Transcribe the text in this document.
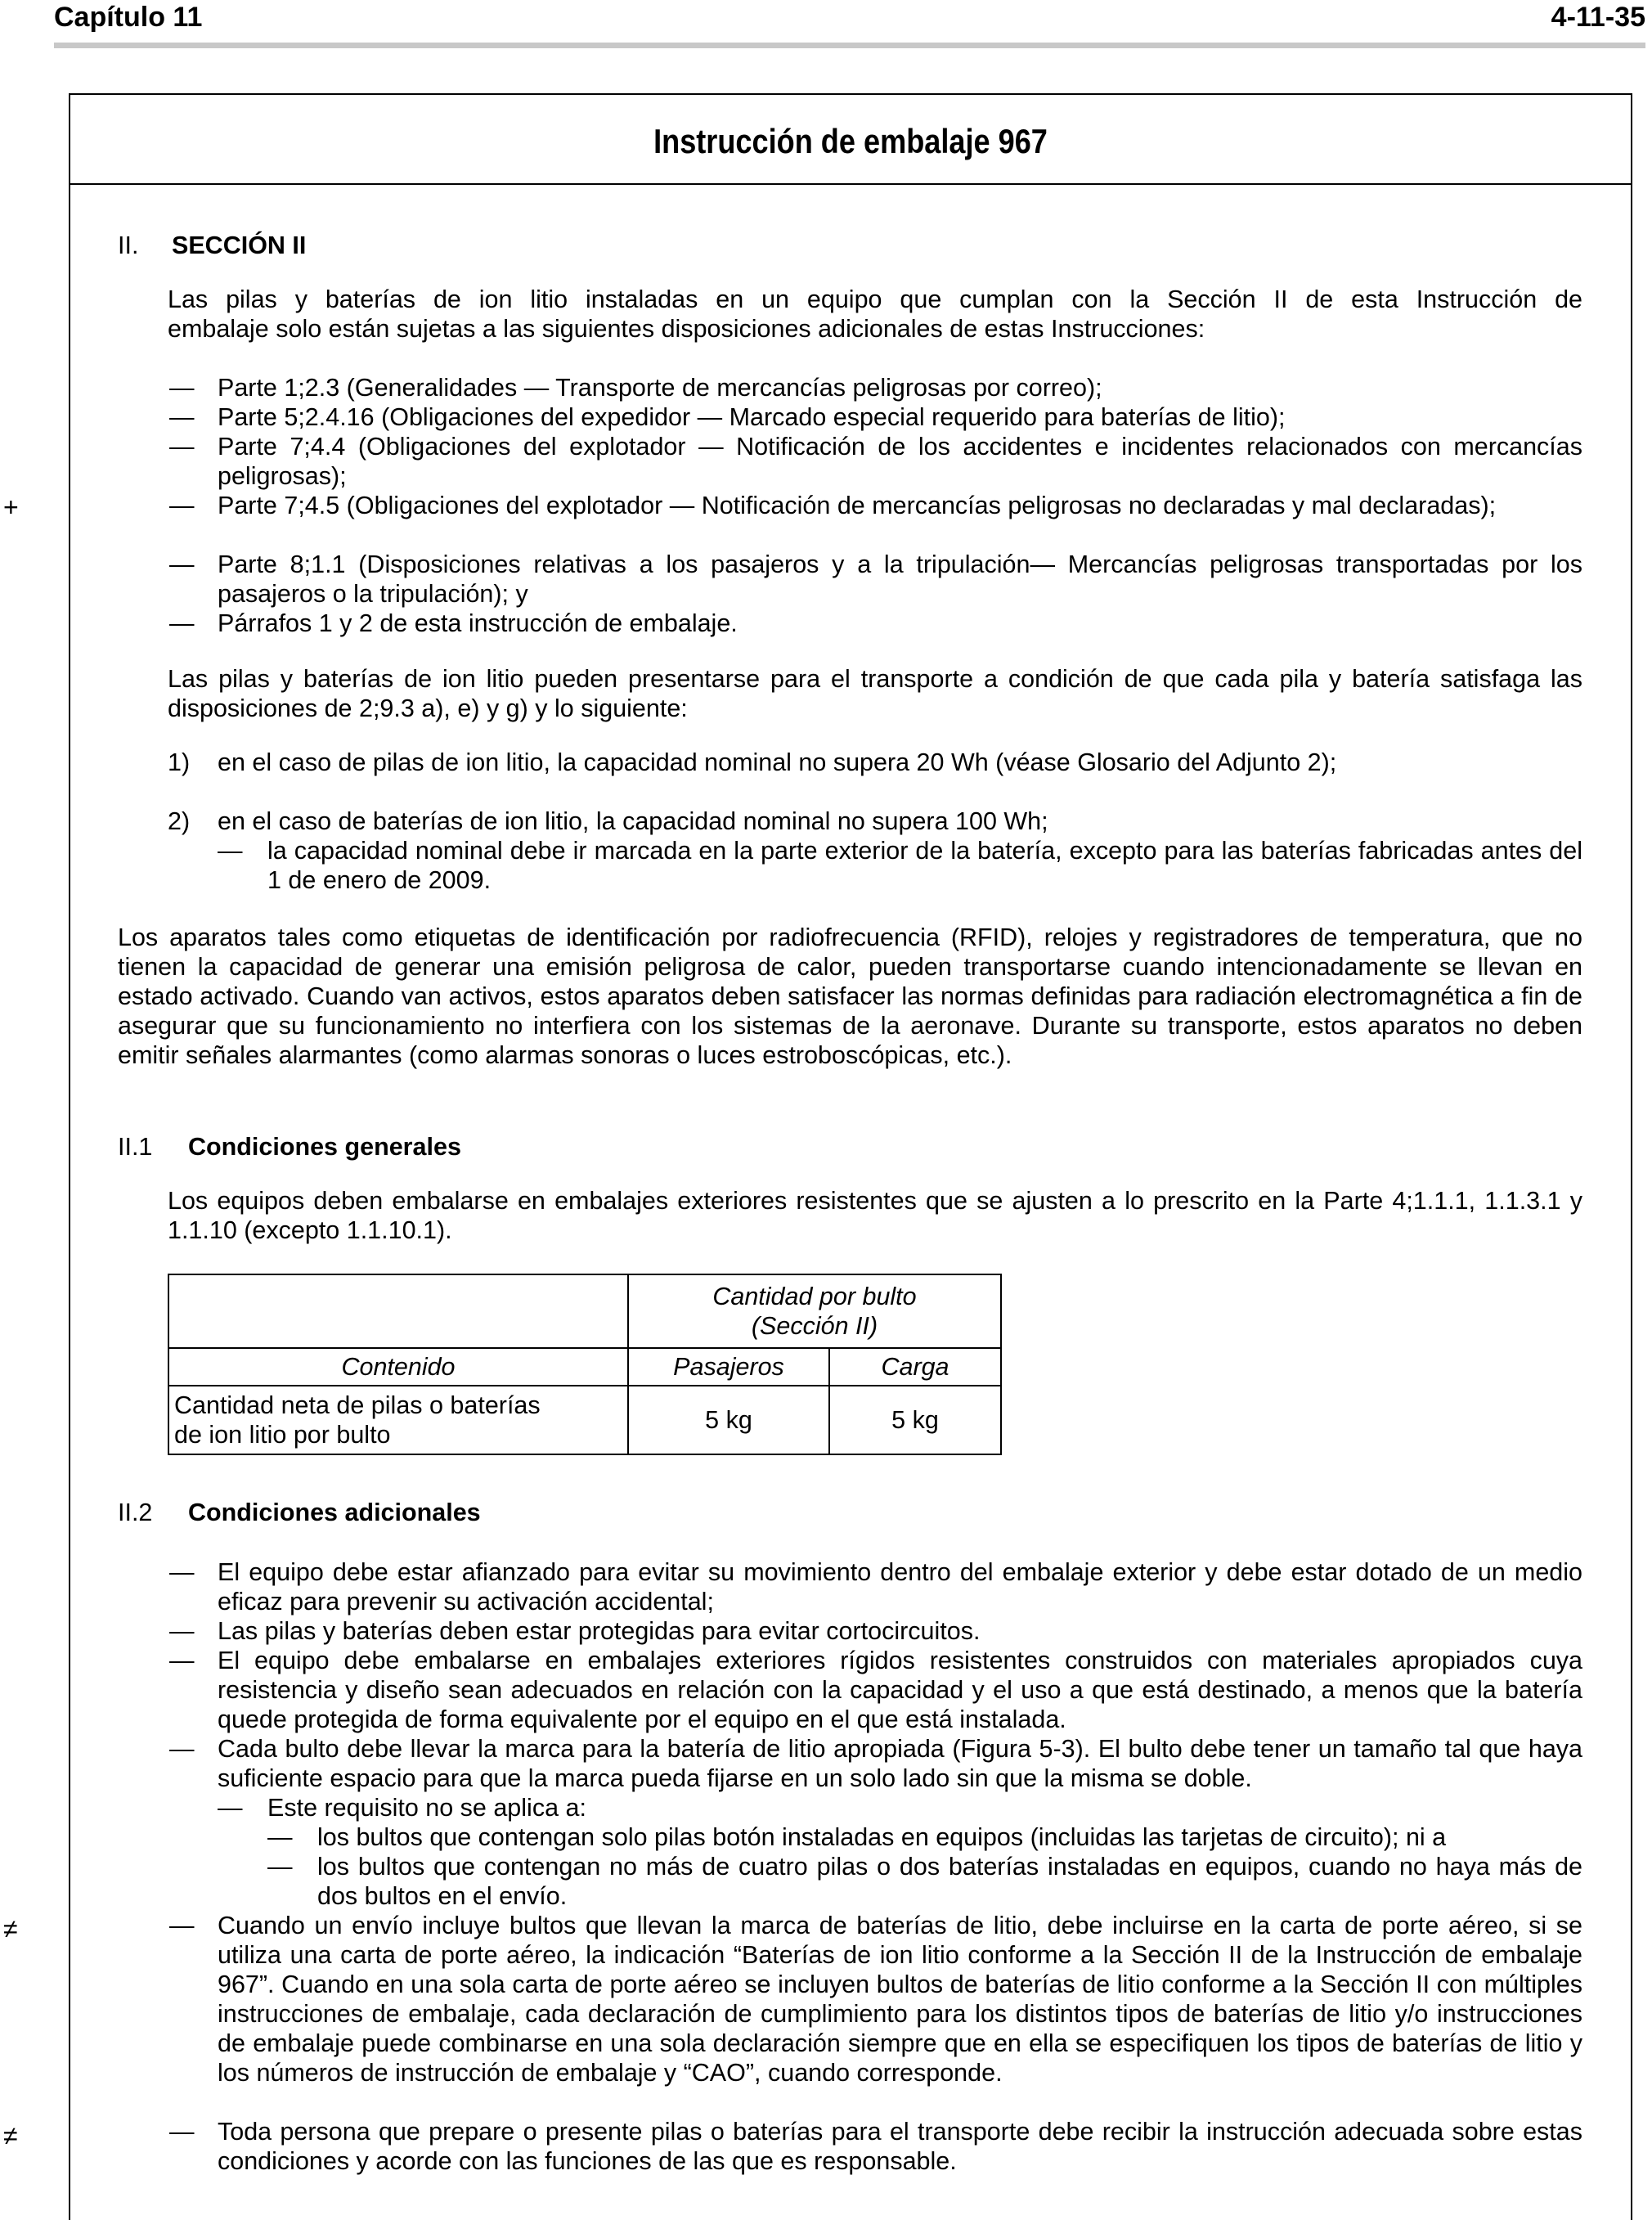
Capítulo 11	4-11-35
+
≠
≠
Instrucción de embalaje 967
II. SECCIÓN II
Las pilas y baterías de ion litio instaladas en un equipo que cumplan con la Sección II de esta Instrucción de
embalaje solo están sujetas a las siguientes disposiciones adicionales de estas Instrucciones:
— Parte 1;2.3 (Generalidades — Transporte de mercancías peligrosas por correo);
— Parte 5;2.4.16 (Obligaciones del expedidor — Marcado especial requerido para baterías de litio);
— Parte 7;4.4 (Obligaciones del explotador — Notificación de los accidentes e incidentes relacionados con mercancías peligrosas);
— Parte 7;4.5 (Obligaciones del explotador — Notificación de mercancías peligrosas no declaradas y mal declaradas);
— Parte 8;1.1 (Disposiciones relativas a los pasajeros y a la tripulación— Mercancías peligrosas transportadas por los pasajeros o la tripulación); y
— Párrafos 1 y 2 de esta instrucción de embalaje.
Las pilas y baterías de ion litio pueden presentarse para el transporte a condición de que cada pila y batería satisfaga las disposiciones de 2;9.3 a), e) y g) y lo siguiente:
1) en el caso de pilas de ion litio, la capacidad nominal no supera 20 Wh (véase Glosario del Adjunto 2);
2) en el caso de baterías de ion litio, la capacidad nominal no supera 100 Wh;
— la capacidad nominal debe ir marcada en la parte exterior de la batería, excepto para las baterías fabricadas antes del 1 de enero de 2009.
Los aparatos tales como etiquetas de identificación por radiofrecuencia (RFID), relojes y registradores de temperatura, que no tienen la capacidad de generar una emisión peligrosa de calor, pueden transportarse cuando intencionadamente se llevan en estado activado. Cuando van activos, estos aparatos deben satisfacer las normas definidas para radiación electromagnética a fin de asegurar que su funcionamiento no interfiera con los sistemas de la aeronave. Durante su transporte, estos aparatos no deben emitir señales alarmantes (como alarmas sonoras o luces estroboscópicas, etc.).
II.1 Condiciones generales
Los equipos deben embalarse en embalajes exteriores resistentes que se ajusten a lo prescrito en la Parte 4;1.1.1, 1.1.3.1 y 1.1.10 (excepto 1.1.10.1).

	Cantidad por bulto
(Sección II)	

Contenido	Pasajeros	Carga

Cantidad neta de pilas o baterías
de ion litio por bulto	5 kg	5 kg
II.2 Condiciones adicionales
— El equipo debe estar afianzado para evitar su movimiento dentro del embalaje exterior y debe estar dotado de un medio eficaz para prevenir su activación accidental;
— Las pilas y baterías deben estar protegidas para evitar cortocircuitos.
— El equipo debe embalarse en embalajes exteriores rígidos resistentes construidos con materiales apropiados cuya resistencia y diseño sean adecuados en relación con la capacidad y el uso a que está destinado, a menos que la batería quede protegida de forma equivalente por el equipo en el que está instalada.
— Cada bulto debe llevar la marca para la batería de litio apropiada (Figura 5-3). El bulto debe tener un tamaño tal que haya suficiente espacio para que la marca pueda fijarse en un solo lado sin que la misma se doble.
— Este requisito no se aplica a:
— los bultos que contengan solo pilas botón instaladas en equipos (incluidas las tarjetas de circuito); ni a
— los bultos que contengan no más de cuatro pilas o dos baterías instaladas en equipos, cuando no haya más de dos bultos en el envío.
— Cuando un envío incluye bultos que llevan la marca de baterías de litio, debe incluirse en la carta de porte aéreo, si se utiliza una carta de porte aéreo, la indicación “Baterías de ion litio conforme a la Sección II de la Instrucción de embalaje 967”. Cuando en una sola carta de porte aéreo se incluyen bultos de baterías de litio conforme a la Sección II con múltiples instrucciones de embalaje, cada declaración de cumplimiento para los distintos tipos de baterías de litio y/o instrucciones de embalaje puede combinarse en una sola declaración siempre que en ella se especifiquen los tipos de baterías de litio y los números de instrucción de embalaje y “CAO”, cuando corresponde.
— Toda persona que prepare o presente pilas o baterías para el transporte debe recibir la instrucción adecuada sobre estas condiciones y acorde con las funciones de las que es responsable.
